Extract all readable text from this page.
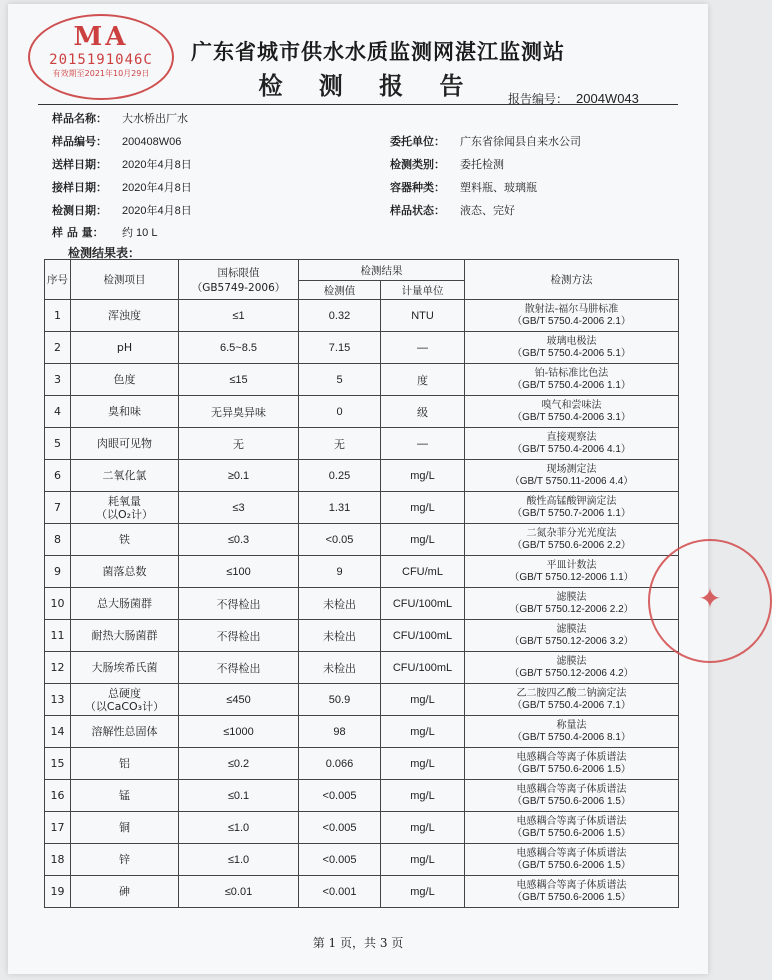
MA
2015191046C
有效期至2021年10月29日
广东省城市供水水质监测网湛江监测站
检 测 报 告	报告编号： 2004W043
样品名称： 大水桥出厂水
样品编号： 200408W06
送样日期： 2020年4月8日
接样日期： 2020年4月8日
检测日期： 2020年4月8日
样 品 量： 约 10 L
委托单位： 广东省徐闻县自来水公司
检测类别： 委托检测
容器种类： 塑料瓶、玻璃瓶
样品状态： 液态、完好
检测结果表：
序号	检测项目	国标限值
（GB5749-2006）	检测结果		检测方法
			检测值	计量单位	
1	浑浊度	≤1	0.32	NTU	散射法-福尔马肼标准
（GB/T 5750.4-2006 2.1）
2	pH	6.5~8.5	7.15	—	玻璃电极法
（GB/T 5750.4-2006 5.1）
3	色度	≤15	5	度	铂-钴标准比色法
（GB/T 5750.4-2006 1.1）
4	臭和味	无异臭异味	0	级	嗅气和尝味法
（GB/T 5750.4-2006 3.1）
5	肉眼可见物	无	无	—	直接观察法
（GB/T 5750.4-2006 4.1）
6	二氧化氯	≥0.1	0.25	mg/L	现场测定法
（GB/T 5750.11-2006 4.4）
7	耗氧量
（以O₂计）	≤3	1.31	mg/L	酸性高锰酸钾滴定法
（GB/T 5750.7-2006 1.1）
8	铁	≤0.3	<0.05	mg/L	二氮杂菲分光光度法
（GB/T 5750.6-2006 2.2）
9	菌落总数	≤100	9	CFU/mL	平皿计数法
（GB/T 5750.12-2006 1.1）
10	总大肠菌群	不得检出	未检出	CFU/100mL	滤膜法
（GB/T 5750.12-2006 2.2）
11	耐热大肠菌群	不得检出	未检出	CFU/100mL	滤膜法
（GB/T 5750.12-2006 3.2）
12	大肠埃希氏菌	不得检出	未检出	CFU/100mL	滤膜法
（GB/T 5750.12-2006 4.2）
13	总硬度
（以CaCO₃计）	≤450	50.9	mg/L	乙二胺四乙酸二钠滴定法
（GB/T 5750.4-2006 7.1）
14	溶解性总固体	≤1000	98	mg/L	称量法
（GB/T 5750.4-2006 8.1）
15	铝	≤0.2	0.066	mg/L	电感耦合等离子体质谱法
（GB/T 5750.6-2006 1.5）
16	锰	≤0.1	<0.005	mg/L	电感耦合等离子体质谱法
（GB/T 5750.6-2006 1.5）
17	铜	≤1.0	<0.005	mg/L	电感耦合等离子体质谱法
（GB/T 5750.6-2006 1.5）
18	锌	≤1.0	<0.005	mg/L	电感耦合等离子体质谱法
（GB/T 5750.6-2006 1.5）
19	砷	≤0.01	<0.001	mg/L	电感耦合等离子体质谱法
（GB/T 5750.6-2006 1.5）
✦
第 1 页，共 3 页
